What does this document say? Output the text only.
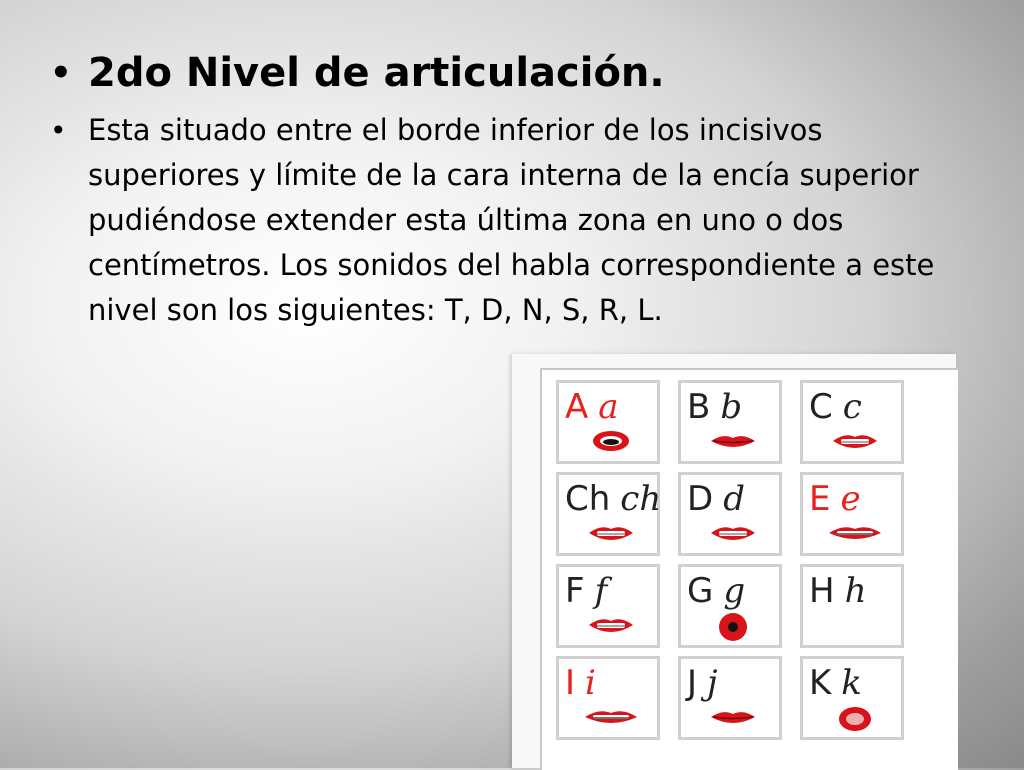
• 2do Nivel de articulación.
• Esta situado entre el borde inferior de los incisivos superiores y límite de la cara interna de la encía superior pudiéndose extender esta última zona en uno o dos centímetros. Los sonidos del habla correspondiente a este nivel son los siguientes: T, D, N, S, R, L.
A a B b C c
Ch ch D d E e
F f G g H h
I i	J j	K k
